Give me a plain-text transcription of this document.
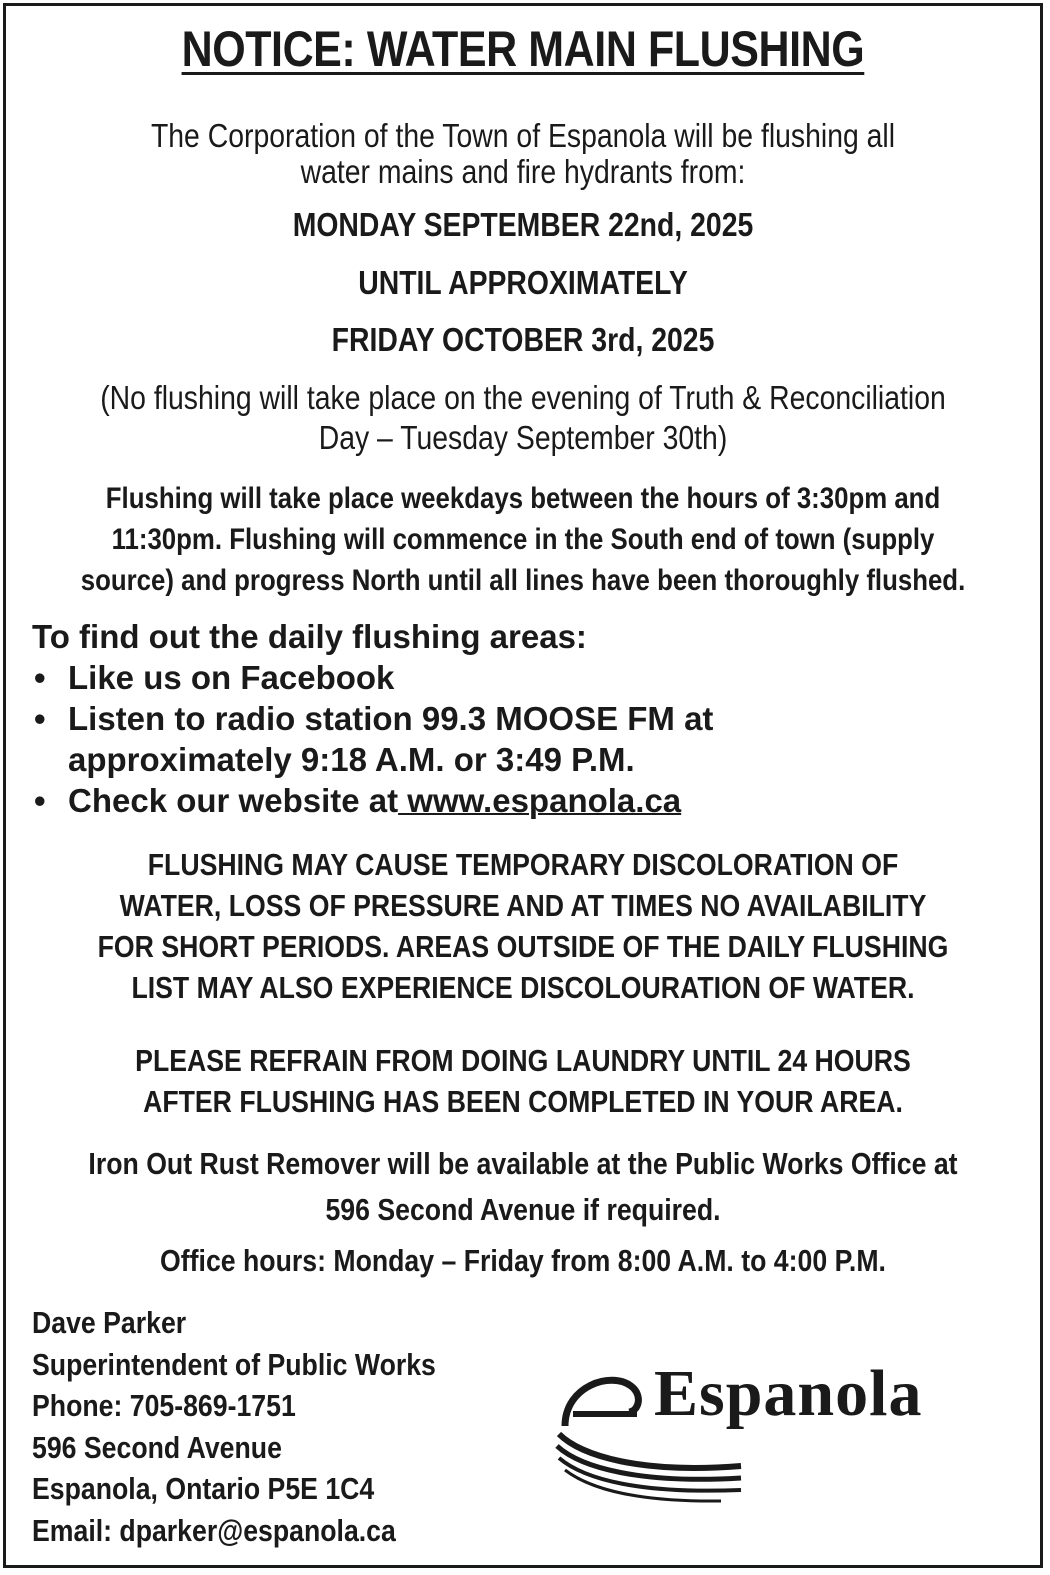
NOTICE: WATER MAIN FLUSHING
The Corporation of the Town of Espanola will be flushing all
water mains and fire hydrants from:
MONDAY SEPTEMBER 22nd, 2025
UNTIL APPROXIMATELY
FRIDAY OCTOBER 3rd, 2025
(No flushing will take place on the evening of Truth & Reconciliation
Day – Tuesday September 30th)
Flushing will take place weekdays between the hours of 3:30pm and
11:30pm. Flushing will commence in the South end of town (supply
source) and progress North until all lines have been thoroughly flushed.
To find out the daily flushing areas:
• Like us on Facebook
• Listen to radio station 99.3 MOOSE FM at
approximately 9:18 A.M. or 3:49 P.M.
• Check our website at www.espanola.ca
FLUSHING MAY CAUSE TEMPORARY DISCOLORATION OF
WATER, LOSS OF PRESSURE AND AT TIMES NO AVAILABILITY
FOR SHORT PERIODS. AREAS OUTSIDE OF THE DAILY FLUSHING
LIST MAY ALSO EXPERIENCE DISCOLOURATION OF WATER.
PLEASE REFRAIN FROM DOING LAUNDRY UNTIL 24 HOURS
AFTER FLUSHING HAS BEEN COMPLETED IN YOUR AREA.
Iron Out Rust Remover will be available at the Public Works Office at
596 Second Avenue if required.
Office hours: Monday – Friday from 8:00 A.M. to 4:00 P.M.
Dave Parker
Superintendent of Public Works
Phone: 705-869-1751
596 Second Avenue
Espanola, Ontario P5E 1C4
Email: dparker@espanola.ca
Espanola
